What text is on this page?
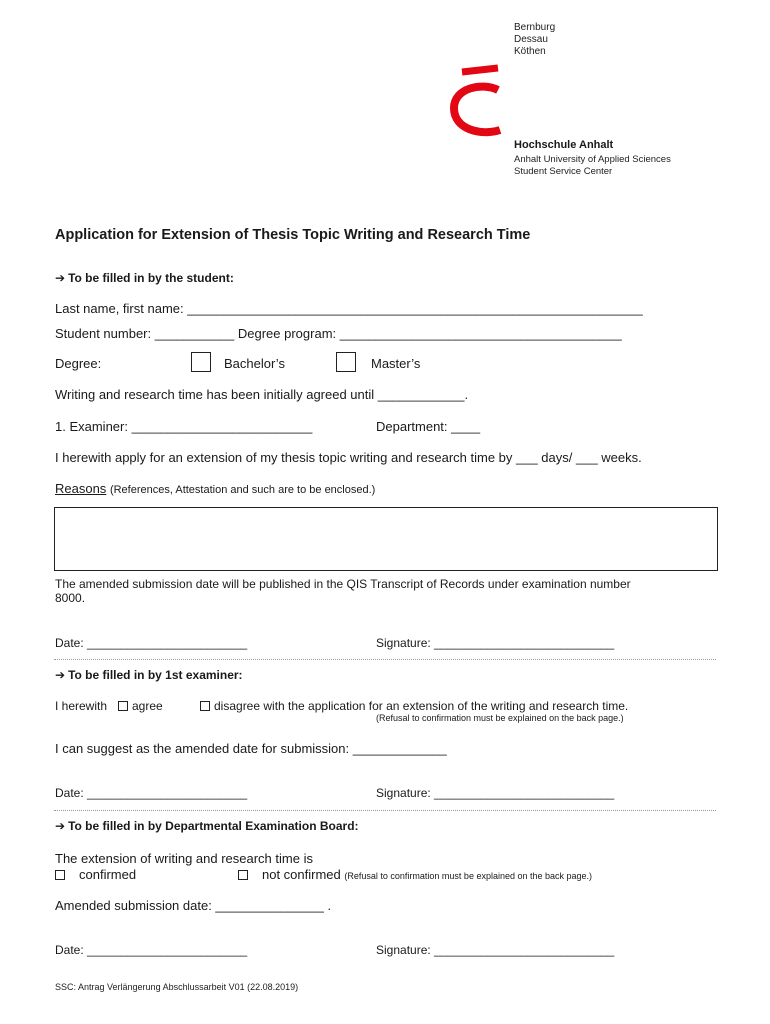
Bernburg
Dessau
Köthen
Hochschule Anhalt
Anhalt University of Applied Sciences
Student Service Center
Application for Extension of Thesis Topic Writing and Research Time
➔ To be filled in by the student:
Last name, first name: _______________________________________________________________
Student number: ___________ Degree program: _______________________________________
Degree:	Bachelor’s	Master’s
Writing and research time has been initially agreed until ____________.
1. Examiner: _________________________	Department: ____
I herewith apply for an extension of my thesis topic writing and research time by ___ days/ ___ weeks.
Reasons (References, Attestation and such are to be enclosed.)
The amended submission date will be published in the QIS Transcript of Records under examination number
8000.
Date: ________________________	Signature: ___________________________
➔ To be filled in by 1st examiner:
I herewith	agree	disagree with the application for an extension of the writing and research time.
(Refusal to confirmation must be explained on the back page.)
I can suggest as the amended date for submission: _____________
Date: ________________________	Signature: ___________________________
➔ To be filled in by Departmental Examination Board:
The extension of writing and research time is
confirmed	not confirmed (Refusal to confirmation must be explained on the back page.)
Amended submission date: _______________ .
Date: ________________________	Signature: ___________________________
SSC: Antrag Verlängerung Abschlussarbeit V01 (22.08.2019)
